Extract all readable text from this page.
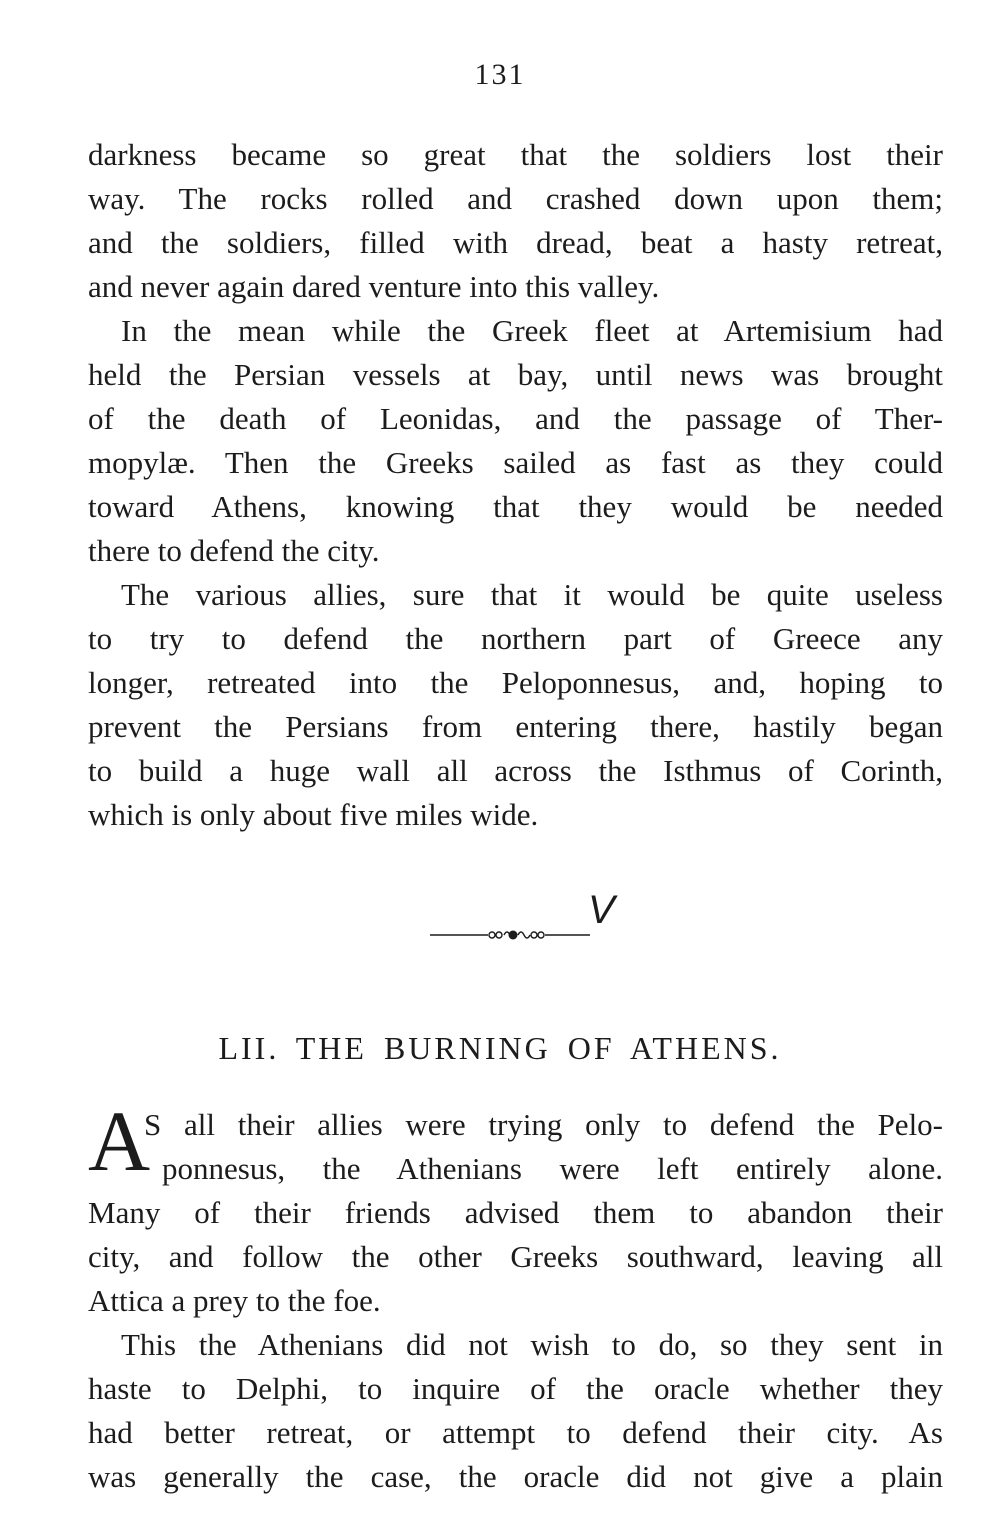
131
darkness became so great that the soldiers lost their
way. The rocks rolled and crashed down upon them;
and the soldiers, filled with dread, beat a hasty retreat,
and never again dared venture into this valley.
In the mean while the Greek fleet at Artemisium had
held the Persian vessels at bay, until news was brought
of the death of Leonidas, and the passage of Ther-
mopylæ. Then the Greeks sailed as fast as they could
toward Athens, knowing that they would be needed
there to defend the city.
The various allies, sure that it would be quite useless
to try to defend the northern part of Greece any
longer, retreated into the Peloponnesus, and, hoping to
prevent the Persians from entering there, hastily began
to build a huge wall all across the Isthmus of Corinth,
which is only about five miles wide.
V
LII. THE BURNING OF ATHENS.
A
S all their allies were trying only to defend the Pelo-
ponnesus, the Athenians were left entirely alone.
Many of their friends advised them to abandon their
city, and follow the other Greeks southward, leaving all
Attica a prey to the foe.
This the Athenians did not wish to do, so they sent in
haste to Delphi, to inquire of the oracle whether they
had better retreat, or attempt to defend their city. As
was generally the case, the oracle did not give a plain
